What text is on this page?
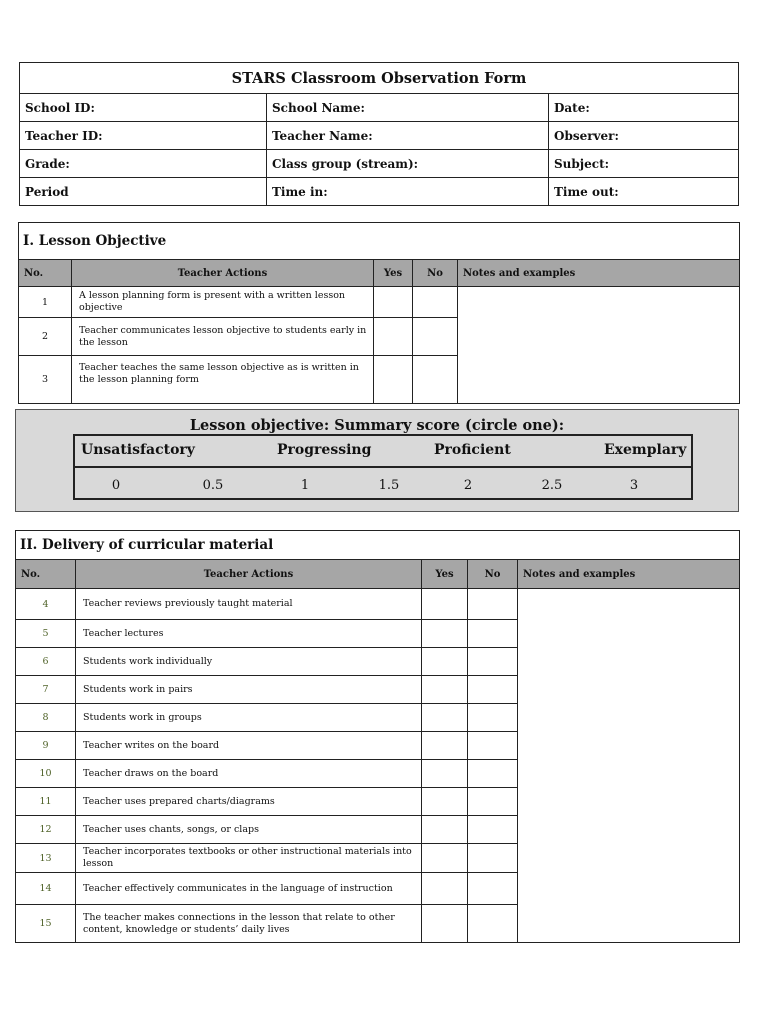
STARS Classroom Observation Form		
School ID:	School Name:	Date:
Teacher ID:	Teacher Name:	Observer:
Grade:	Class group (stream):	Subject:
Period	Time in:	Time out:
I. Lesson Objective				
No.	Teacher Actions	Yes	No	Notes and examples
1	A lesson planning form is present with a written lesson objective			
2	Teacher communicates lesson objective to students early in the lesson			
3	Teacher teaches the same lesson objective as is written in the lesson planning form			
Lesson objective: Summary score (circle one):
Unsatisfactory	Progressing	Proficient	Exemplary
0	0.5	1	1.5	2	2.5	3
II. Delivery of curricular material				
No.	Teacher Actions	Yes	No	Notes and examples
4	Teacher reviews previously taught material			
5	Teacher lectures			
6	Students work individually			
7	Students work in pairs			
8	Students work in groups			
9	Teacher writes on the board			
10	Teacher draws on the board			
11	Teacher uses prepared charts/diagrams			
12	Teacher uses chants, songs, or claps			
13	Teacher incorporates textbooks or other instructional materials into lesson			
14	Teacher effectively communicates in the language of instruction			
15	The teacher makes connections in the lesson that relate to other content, knowledge or students’ daily lives			
